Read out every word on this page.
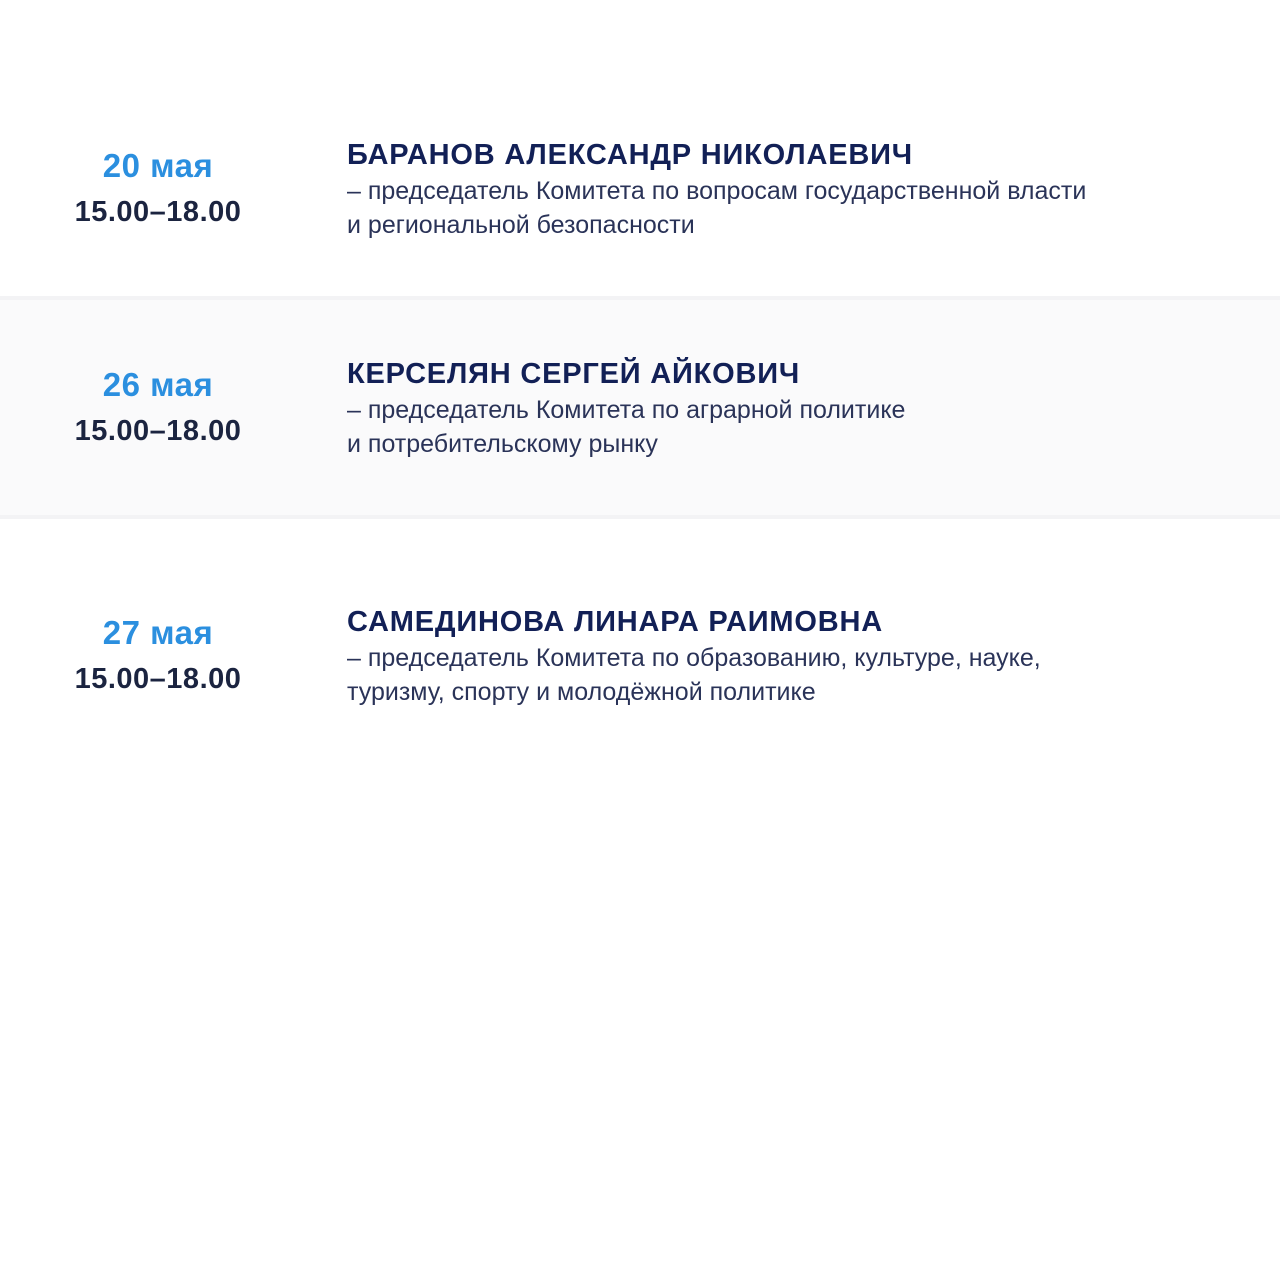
20 мая
15.00–18.00
БАРАНОВ АЛЕКСАНДР НИКОЛАЕВИЧ
– председатель Комитета по вопросам государственной власти
и региональной безопасности
26 мая
15.00–18.00
КЕРСЕЛЯН СЕРГЕЙ АЙКОВИЧ
– председатель Комитета по аграрной политике
и потребительскому рынку
27 мая
15.00–18.00
САМЕДИНОВА ЛИНАРА РАИМОВНА
– председатель Комитета по образованию, культуре, науке,
туризму, спорту и молодёжной политике
